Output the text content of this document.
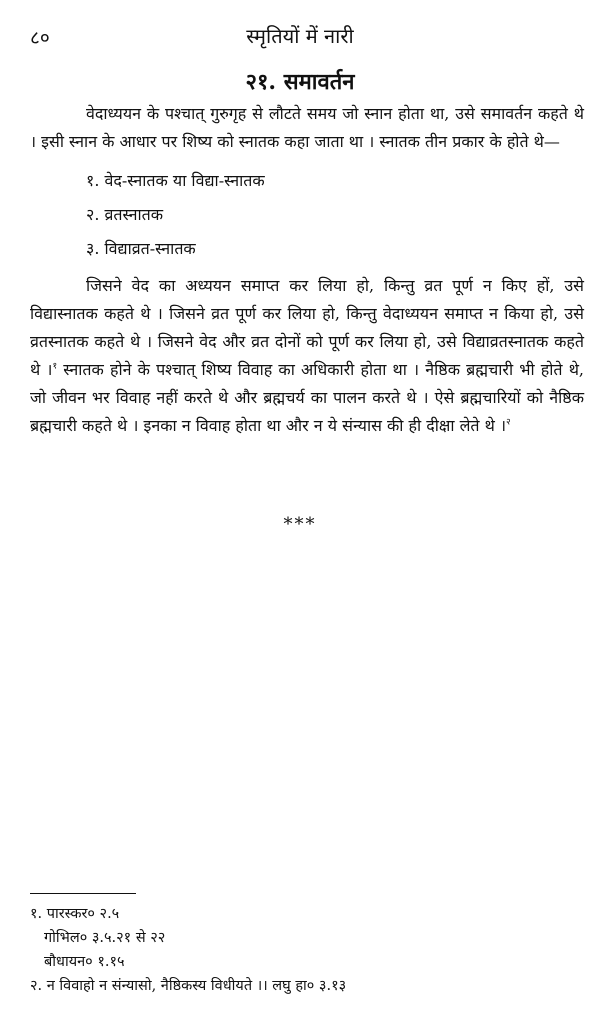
८०	स्मृतियों में नारी
२१. समावर्तन

वेदाध्ययन के पश्चात् गुरुगृह से लौटते समय जो स्नान होता था, उसे समावर्तन कहते थे । इसी स्नान के आधार पर शिष्य को स्नातक कहा जाता था । स्नातक तीन प्रकार के होते थे—

१. वेद-स्नातक या विद्या-स्नातक
२. व्रतस्नातक
३. विद्याव्रत-स्नातक

जिसने वेद का अध्ययन समाप्त कर लिया हो, किन्तु व्रत पूर्ण न किए हों, उसे विद्यास्नातक कहते थे । जिसने व्रत पूर्ण कर लिया हो, किन्तु वेदाध्ययन समाप्त न किया हो, उसे व्रतस्नातक कहते थे । जिसने वेद और व्रत दोनों को पूर्ण कर लिया हो, उसे विद्याव्रतस्नातक कहते थे ।$^१$ स्नातक होने के पश्चात् शिष्य विवाह का अधिकारी होता था । नैष्ठिक ब्रह्मचारी भी होते थे, जो जीवन भर विवाह नहीं करते थे और ब्रह्मचर्य का पालन करते थे । ऐसे ब्रह्मचारियों को नैष्ठिक ब्रह्मचारी कहते थे । इनका न विवाह होता था और न ये संन्यास की ही दीक्षा लेते थे ।$^२$

***
१. पारस्कर० २.५
गोभिल० ३.५.२१ से २२
बौधायन० १.१५
२. न विवाहो न संन्यासो, नैष्ठिकस्य विधीयते ।। लघु हा० ३.१३
